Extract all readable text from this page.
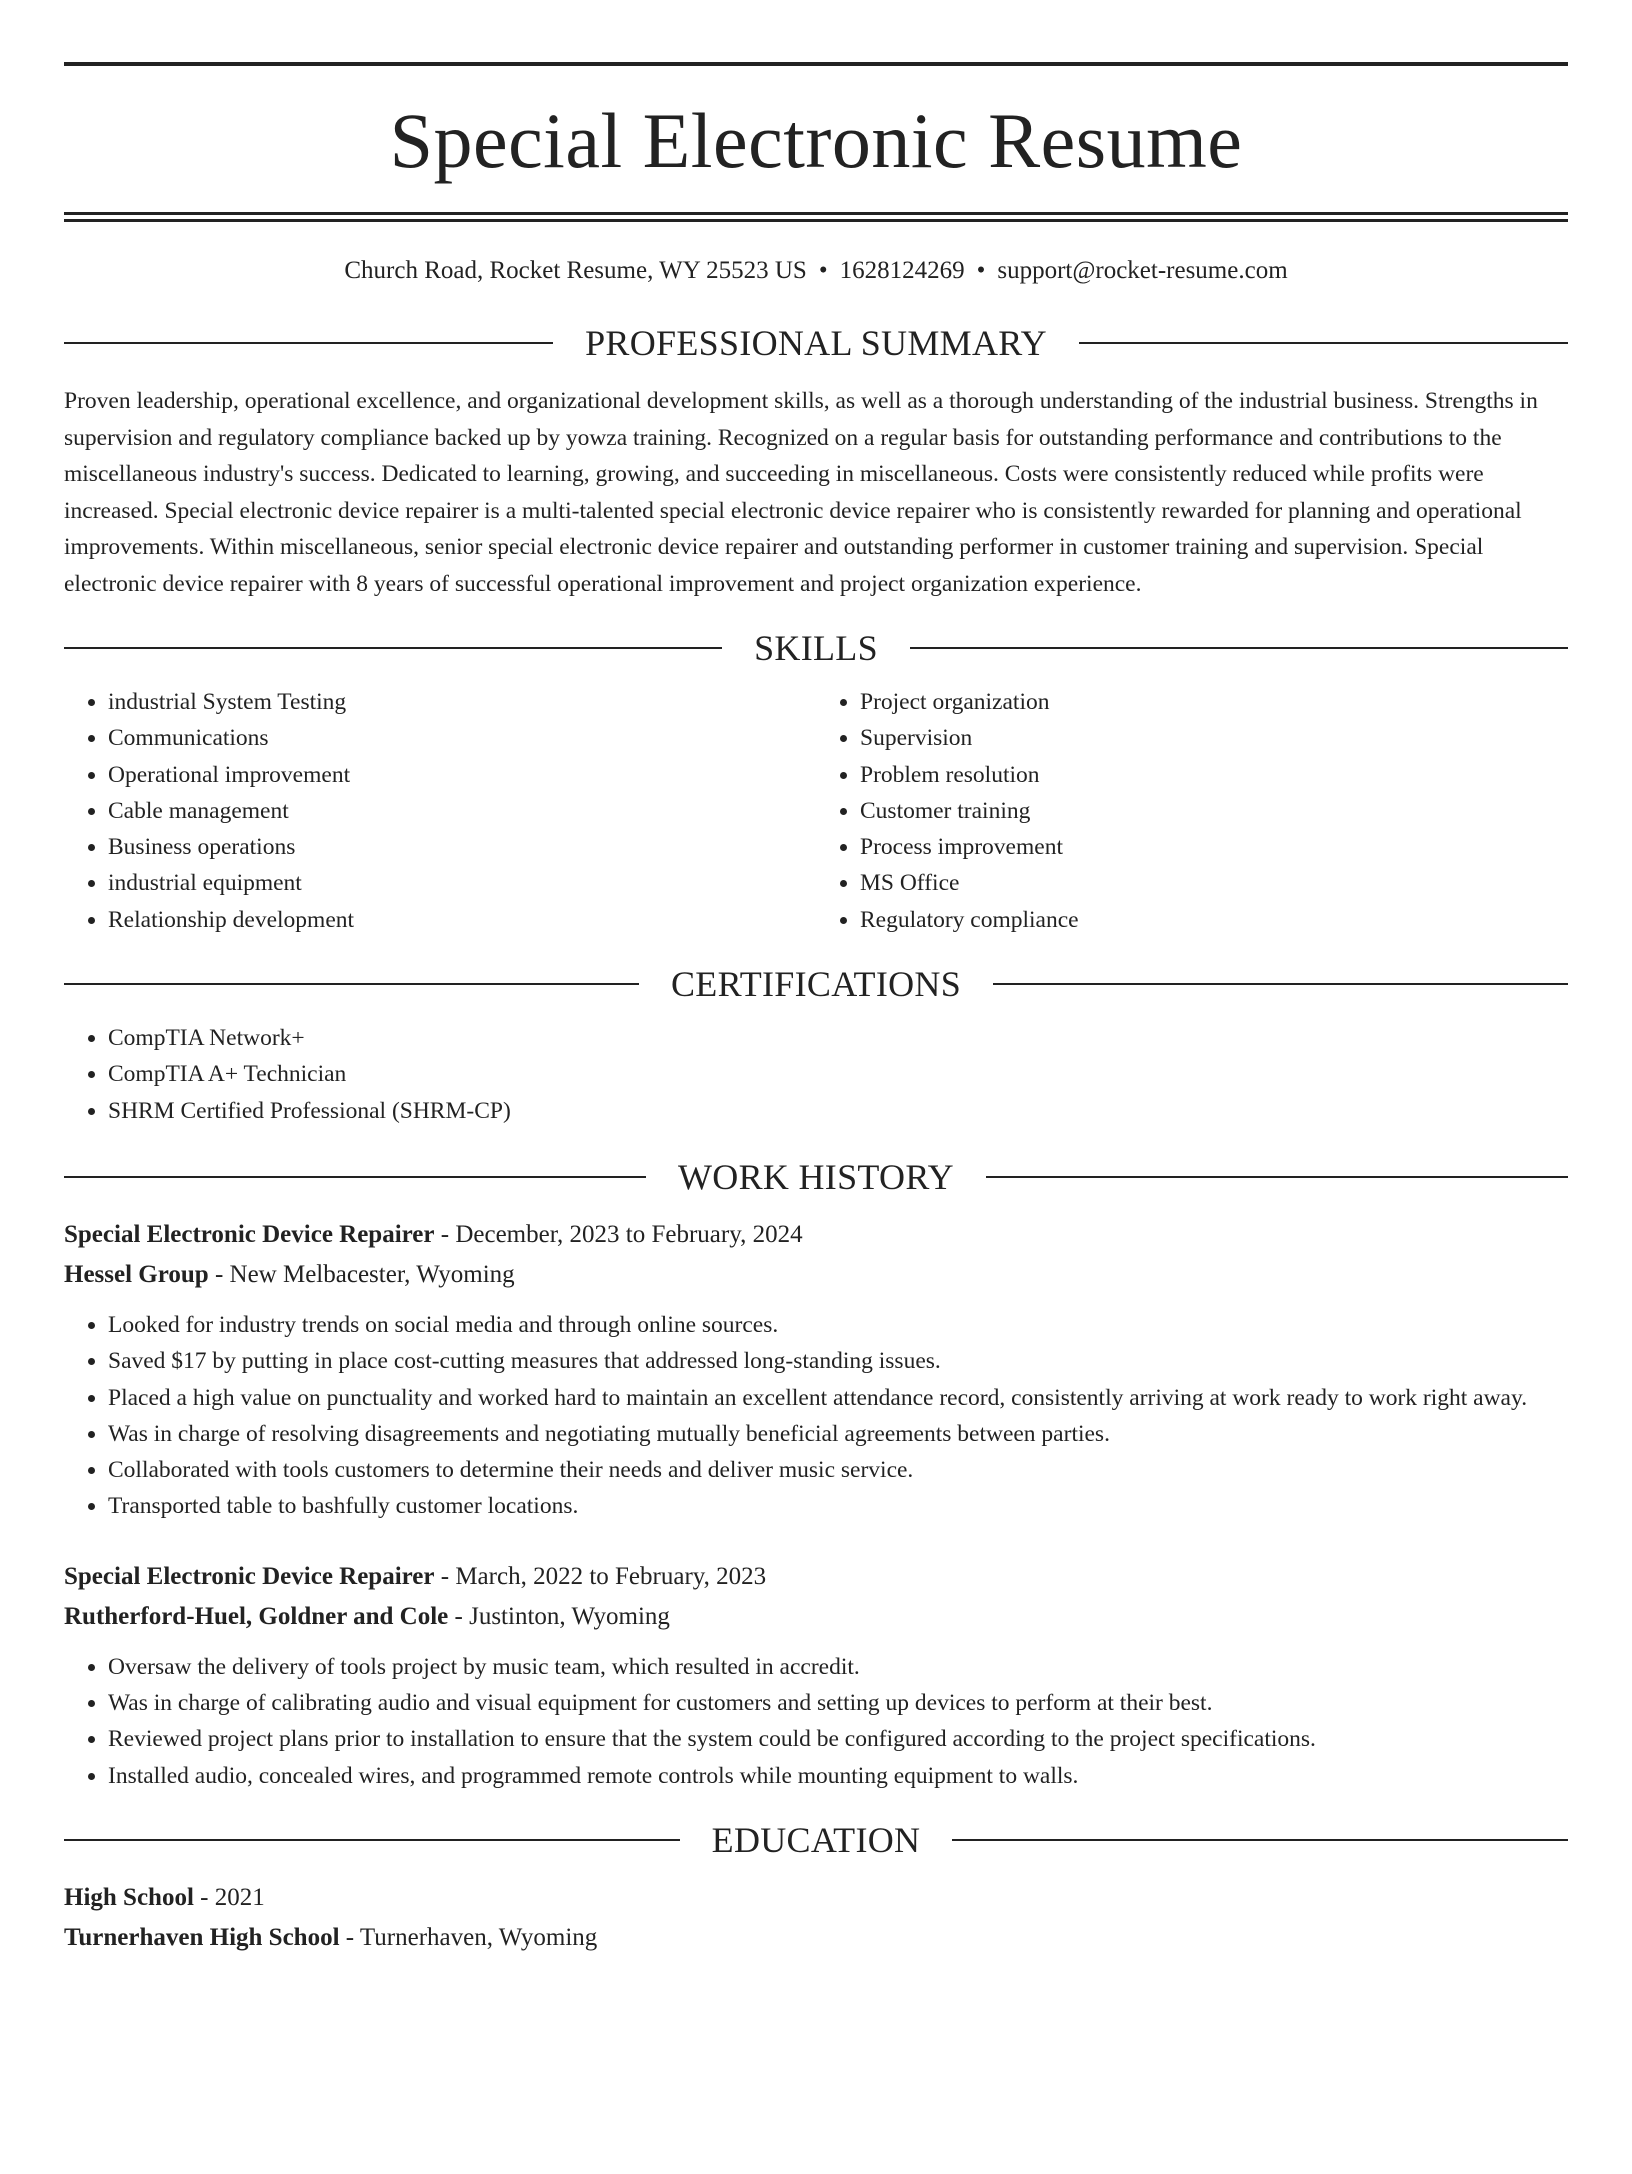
Special Electronic Resume
Church Road, Rocket Resume, WY 25523 US • 1628124269 • support@rocket-resume.com
PROFESSIONAL SUMMARY
Proven leadership, operational excellence, and organizational development skills, as well as a thorough understanding of the industrial business. Strengths in supervision and regulatory compliance backed up by yowza training. Recognized on a regular basis for outstanding performance and contributions to the miscellaneous industry's success. Dedicated to learning, growing, and succeeding in miscellaneous. Costs were consistently reduced while profits were increased. Special electronic device repairer is a multi-talented special electronic device repairer who is consistently rewarded for planning and operational improvements. Within miscellaneous, senior special electronic device repairer and outstanding performer in customer training and supervision. Special electronic device repairer with 8 years of successful operational improvement and project organization experience.
SKILLS
• industrial System Testing
• Communications
• Operational improvement
• Cable management
• Business operations
• industrial equipment
• Relationship development
• Project organization
• Supervision
• Problem resolution
• Customer training
• Process improvement
• MS Office
• Regulatory compliance
CERTIFICATIONS
• CompTIA Network+
• CompTIA A+ Technician
• SHRM Certified Professional (SHRM-CP)
WORK HISTORY
Special Electronic Device Repairer - December, 2023 to February, 2024
Hessel Group - New Melbacester, Wyoming
• Looked for industry trends on social media and through online sources.
• Saved $17 by putting in place cost-cutting measures that addressed long-standing issues.
• Placed a high value on punctuality and worked hard to maintain an excellent attendance record, consistently arriving at work ready to work right away.
• Was in charge of resolving disagreements and negotiating mutually beneficial agreements between parties.
• Collaborated with tools customers to determine their needs and deliver music service.
• Transported table to bashfully customer locations.
Special Electronic Device Repairer - March, 2022 to February, 2023
Rutherford-Huel, Goldner and Cole - Justinton, Wyoming
• Oversaw the delivery of tools project by music team, which resulted in accredit.
• Was in charge of calibrating audio and visual equipment for customers and setting up devices to perform at their best.
• Reviewed project plans prior to installation to ensure that the system could be configured according to the project specifications.
• Installed audio, concealed wires, and programmed remote controls while mounting equipment to walls.
EDUCATION
High School - 2021
Turnerhaven High School - Turnerhaven, Wyoming
